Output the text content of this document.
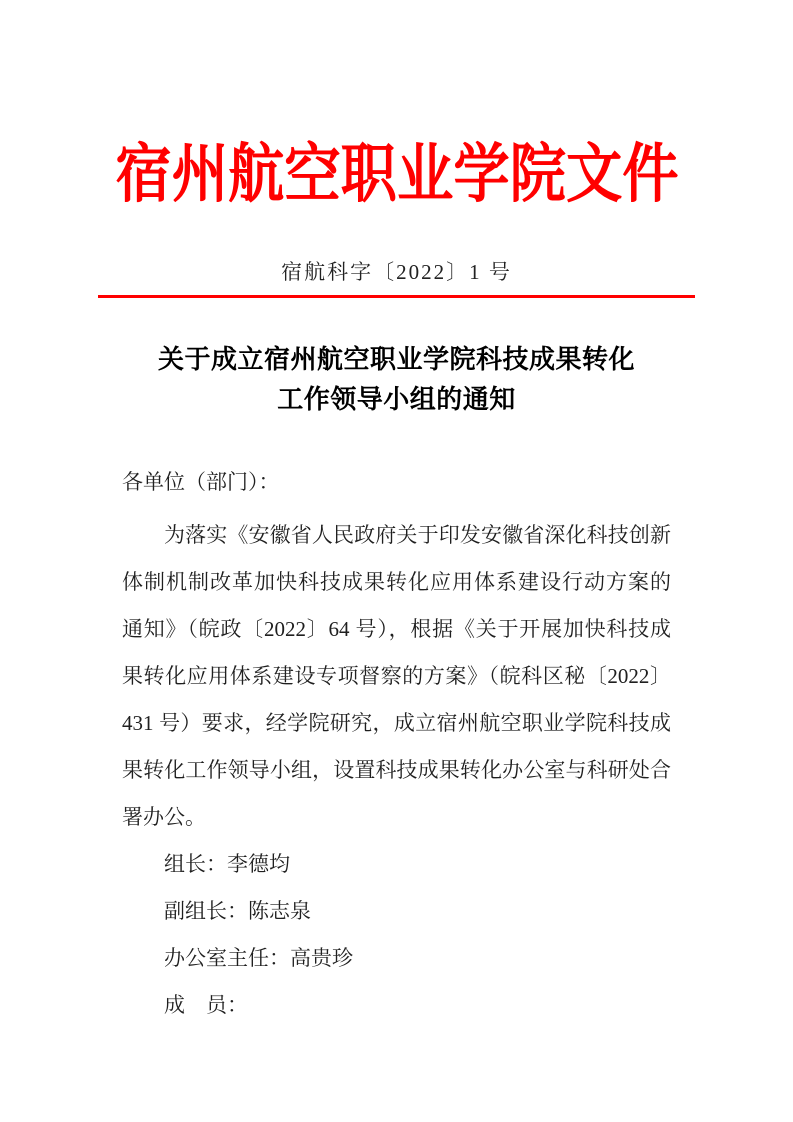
宿州航空职业学院文件
宿航科字〔2022〕1 号
关于成立宿州航空职业学院科技成果转化
工作领导小组的通知
各单位（部门）：
为落实《安徽省人民政府关于印发安徽省深化科技创新
体制机制改革加快科技成果转化应用体系建设行动方案的
通知》（皖政〔2022〕64 号），根据《关于开展加快科技成
果转化应用体系建设专项督察的方案》（皖科区秘〔2022〕
431 号）要求，经学院研究，成立宿州航空职业学院科技成
果转化工作领导小组，设置科技成果转化办公室与科研处合
署办公。
组长：李德均
副组长：陈志泉
办公室主任：高贵珍
成　员：
